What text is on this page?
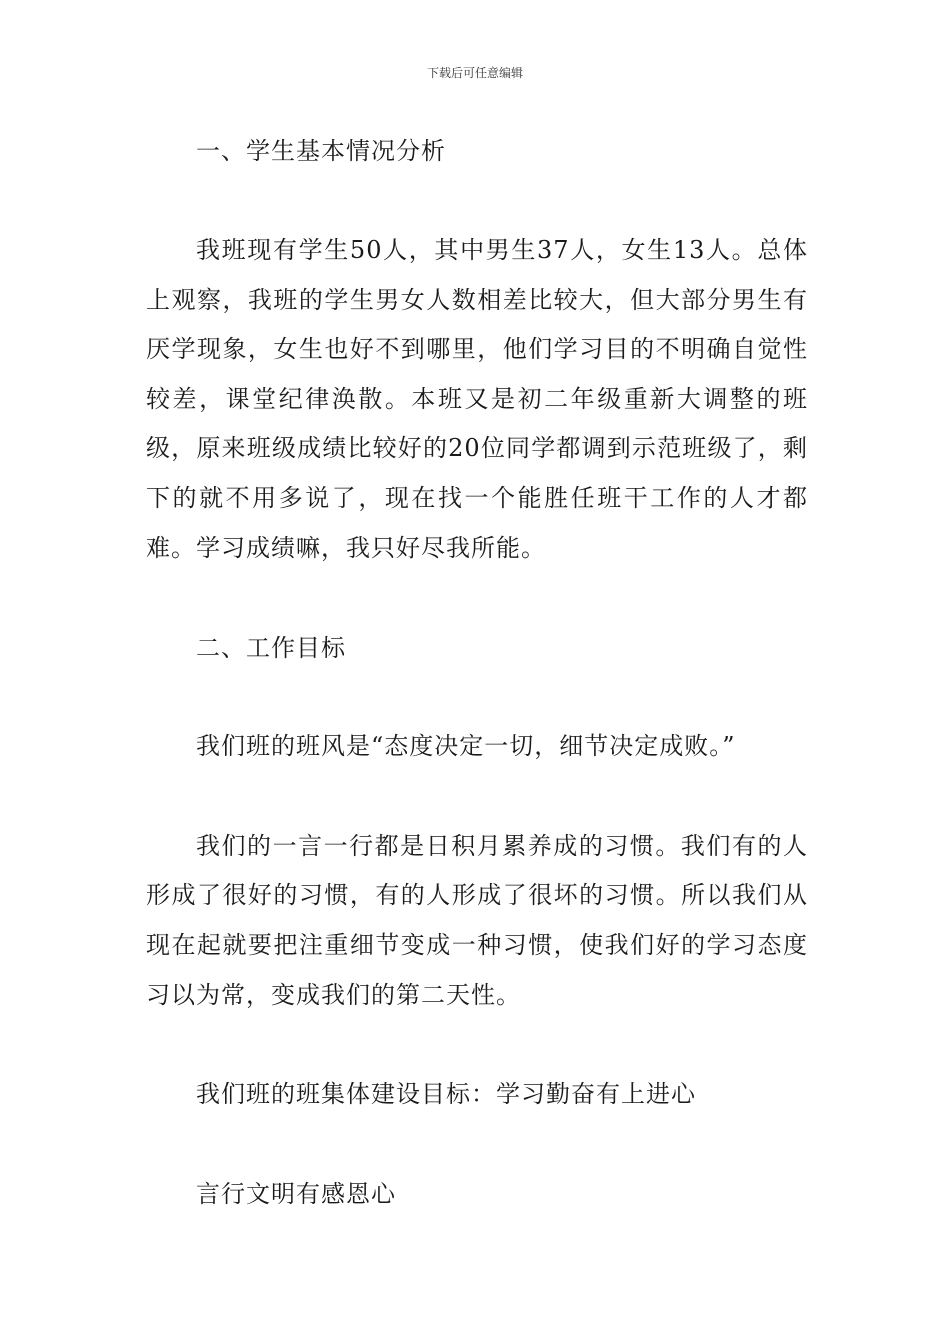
下载后可任意编辑
一、学生基本情况分析

我班现有学生50人，其中男生37人，女生13人。总体上观察，我班的学生男女人数相差比较大，但大部分男生有厌学现象，女生也好不到哪里，他们学习目的不明确自觉性较差，课堂纪律涣散。本班又是初二年级重新大调整的班级，原来班级成绩比较好的20位同学都调到示范班级了，剩下的就不用多说了，现在找一个能胜任班干工作的人才都难。学习成绩嘛，我只好尽我所能。

二、工作目标

我们班的班风是“态度决定一切，细节决定成败。”

我们的一言一行都是日积月累养成的习惯。我们有的人形成了很好的习惯，有的人形成了很坏的习惯。所以我们从现在起就要把注重细节变成一种习惯，使我们好的学习态度习以为常，变成我们的第二天性。

我们班的班集体建设目标：学习勤奋有上进心

言行文明有感恩心
